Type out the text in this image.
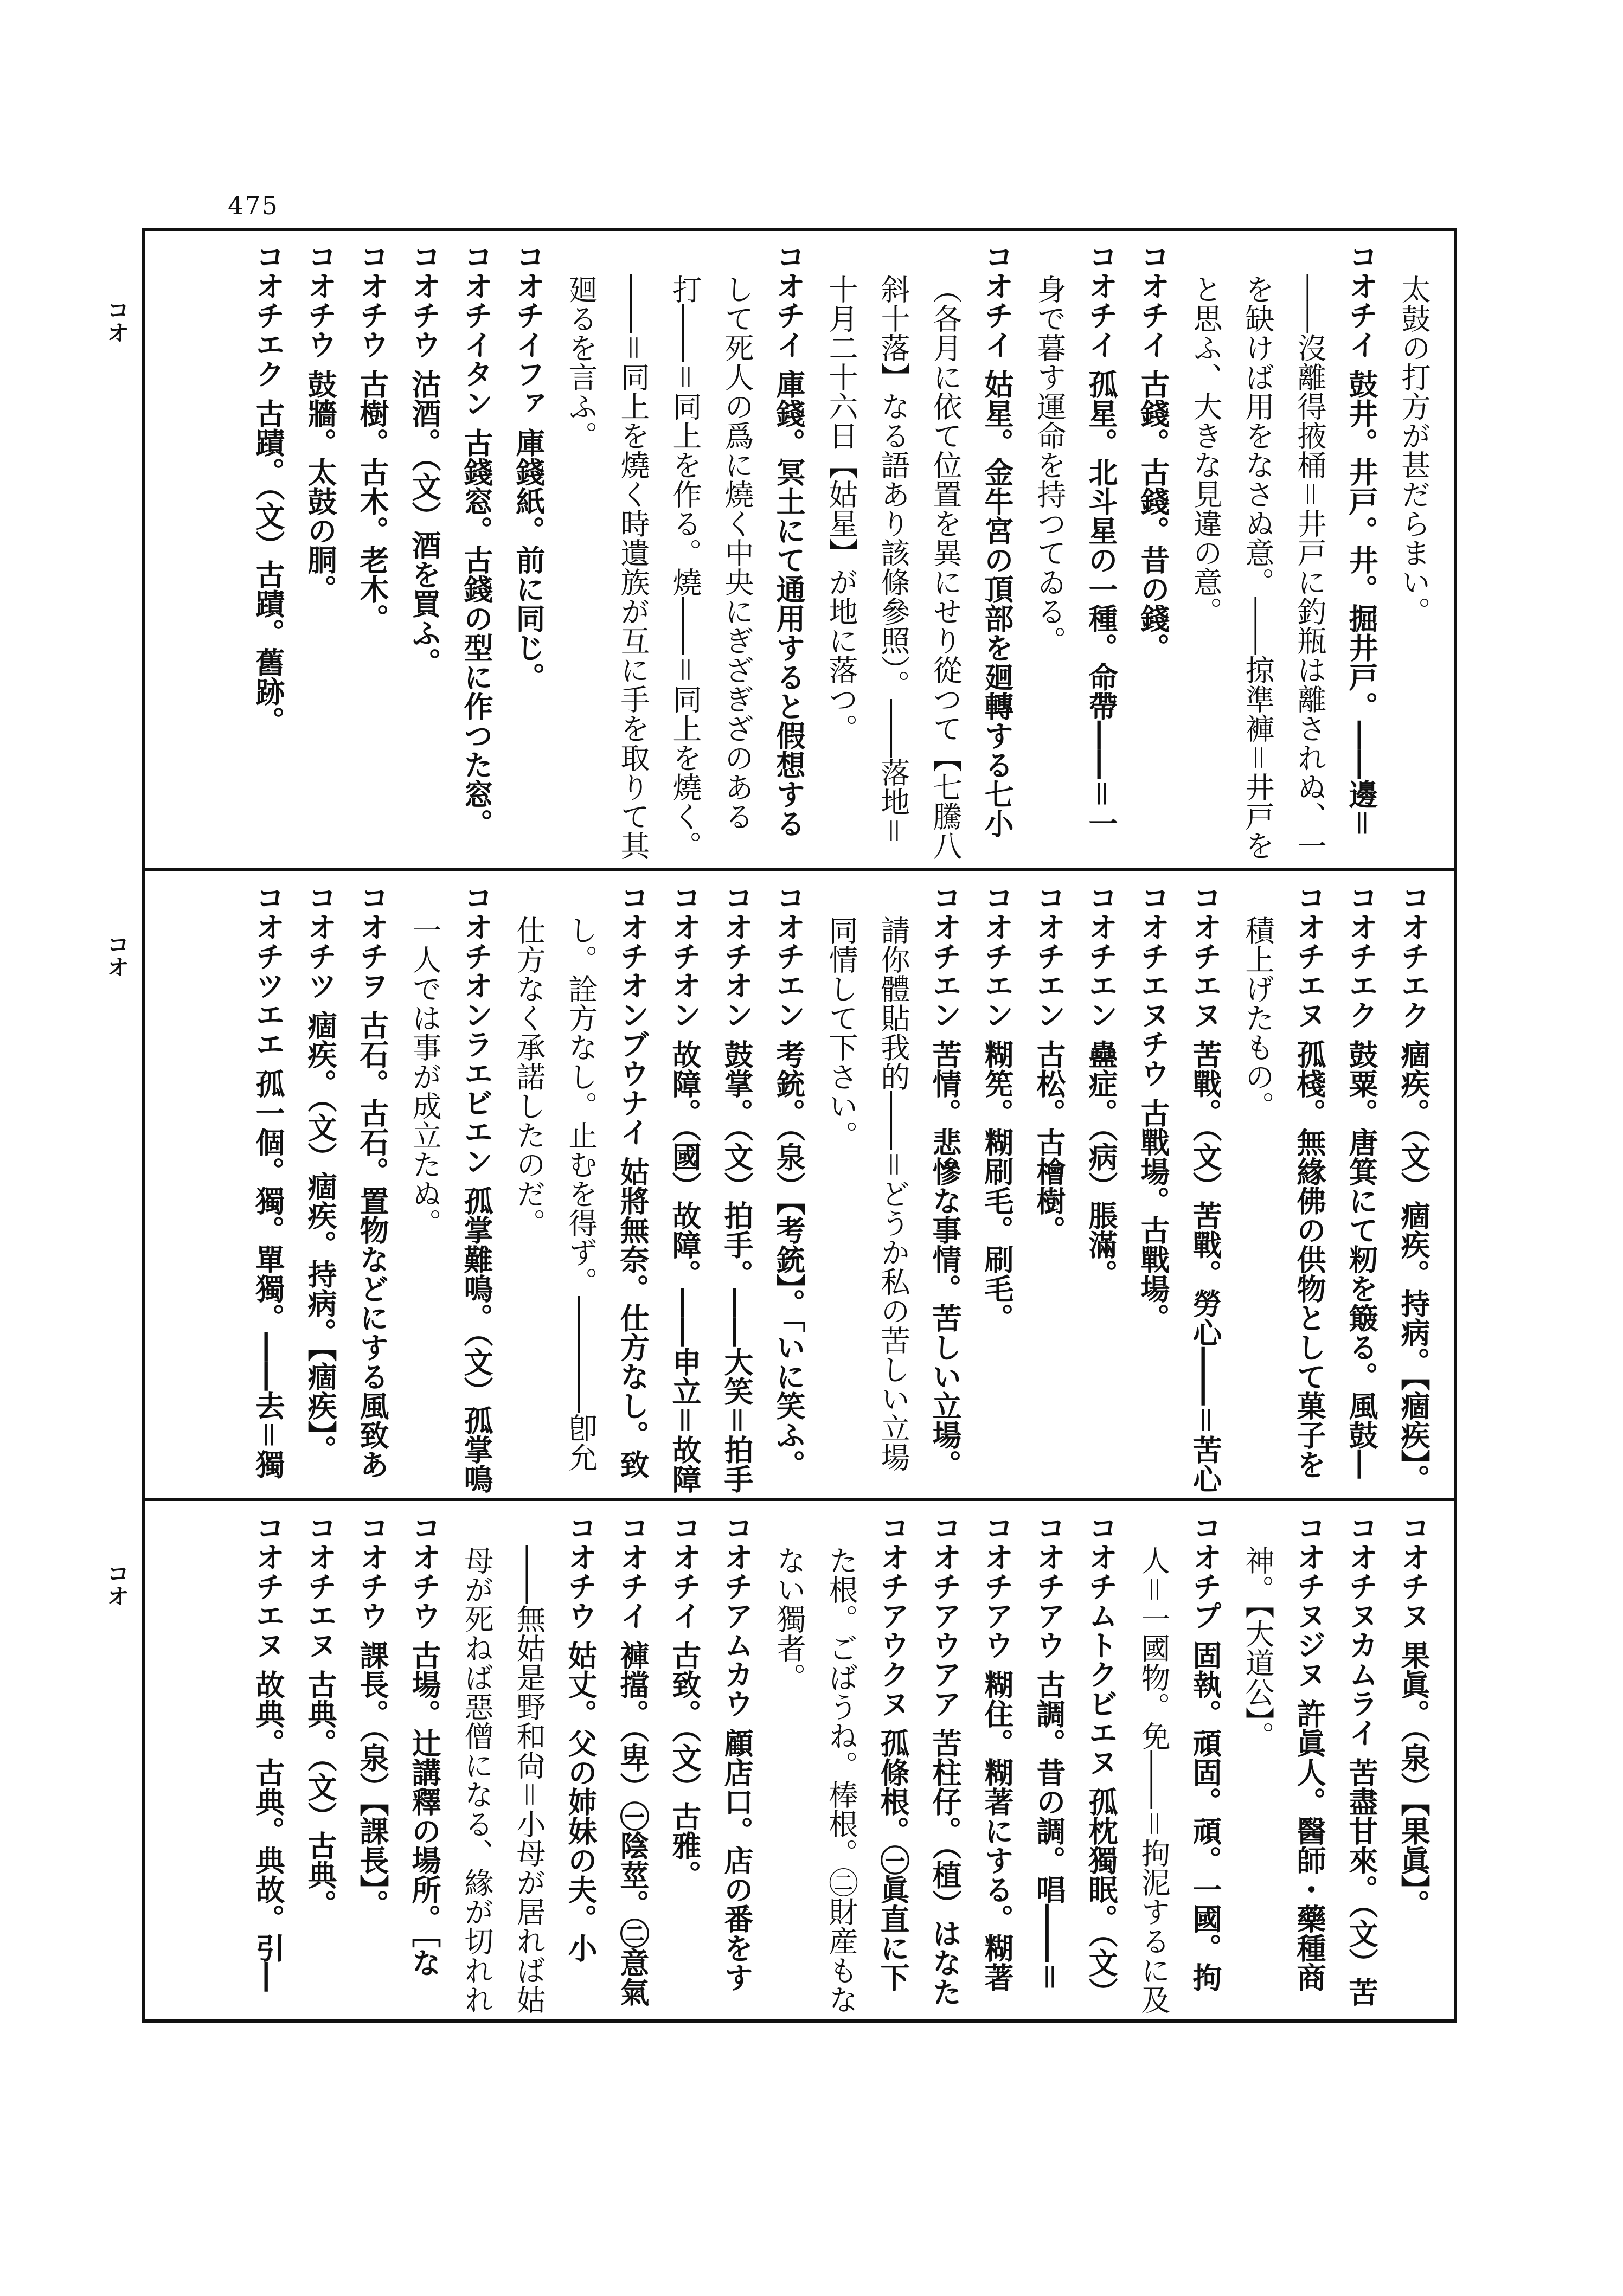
475
コオ
コオ
コオ
太鼓の打方が甚だらまい。
コオチイ 鼓井。井戸。井。掘井戸。――邊＝
――沒離得掖桶＝井戸に釣瓶は離されぬ、一
を缺けば用をなさぬ意。――掠準褲＝井戸を
と思ふ、大きな見違の意。
コオチイ 古錢。古錢。昔の錢。
コオチイ 孤星。北斗星の一種。命帶――＝一
身で暮す運命を持つてゐる。
コオチイ 姑星。金牛宮の頂部を廻轉する七小
（各月に依て位置を異にせり從つて【七騰八
斜十落】なる語あり該條參照）。――落地＝
十月二十六日【姑星】が地に落つ。
コオチイ 庫錢。冥土にて通用すると假想する
して死人の爲に燒く中央にぎざぎざのある
打――＝同上を作る。燒――＝同上を燒く。
――＝同上を燒く時遺族が互に手を取りて其
廻るを言ふ。
コオチイファ 庫錢紙。前に同じ。
コオチイタン 古錢窓。古錢の型に作つた窓。
コオチウ 沽酒。（文）酒を買ふ。
コオチウ 古樹。古木。老木。
コオチウ 鼓牆。太鼓の胴。
コオチエク 古蹟。（文）古蹟。舊跡。
コオチエク 痼疾。（文）痼疾。持病。【痼疾】。
コオチエク 鼓粟。唐箕にて籾を簸る。風鼓―
コオチエヌ 孤棧。無緣佛の供物として菓子を
積上げたもの。
コオチエヌ 苦戰。（文）苦戰。勞心――＝苦心
コオチエヌチウ 古戰場。古戰場。
コオチエン 蠱症。（病）脹滿。
コオチエン 古松。古檜樹。
コオチエン 糊筅。糊刷毛。刷毛。
コオチエン 苦情。悲慘な事情。苦しい立場。
請你體貼我的――＝どうか私の苦しい立場
同情して下さい。
コオチエン 考銃。（泉）【考銃】。「いに笑ふ。
コオチオン 鼓掌。（文）拍手。――大笑＝拍手
コオチオン 故障。（國）故障。――申立＝故障
コオチオンブウナイ 姑將無奈。仕方なし。致
し。詮方なし。止むを得ず。――――卽允
仕方なく承諾したのだ。
コオチオンラエビエン 孤掌難鳴。（文）孤掌鳴
一人では事が成立たぬ。
コオチヲ 古石。古石。置物などにする風致あ
コオチツ 痼疾。（文）痼疾。持病。【痼疾】。
コオチツエエ 孤一個。獨。單獨。――去＝獨
コオチヌ 果眞。（泉）【果眞】。
コオチヌカムライ 苦盡甘來。（文）苦
コオチヌジヌ 許眞人。醫師・藥種商
神。【大道公】。
コオチプ 固執。頑固。頑。一國。拘
人＝一國物。免――＝拘泥するに及
コオチムトクビエヌ 孤枕獨眠。（文）
コオチアウ 古調。昔の調。唱――＝
コオチアウ 糊住。糊著にする。糊著
コオチアウアア 苦柱仔。（植）はなた
コオチアウクヌ 孤條根。㊀眞直に下
た根。ごばうね。棒根。㊁財産もな
ない獨者。
コオチアムカウ 顧店口。店の番をす
コオチイ 古致。（文）古雅。
コオチイ 褲擋。（卑）㊀陰莖。㊁意氣
コオチウ 姑丈。父の姉妹の夫。小
――無姑是野和尙＝小母が居れば姑
母が死ねば惡僧になる、緣が切れれ
コオチウ 古場。辻講釋の場所。［な
コオチウ 課長。（泉）【課長】。
コオチエヌ 古典。（文）古典。
コオチエヌ 故典。古典。典故。引―
